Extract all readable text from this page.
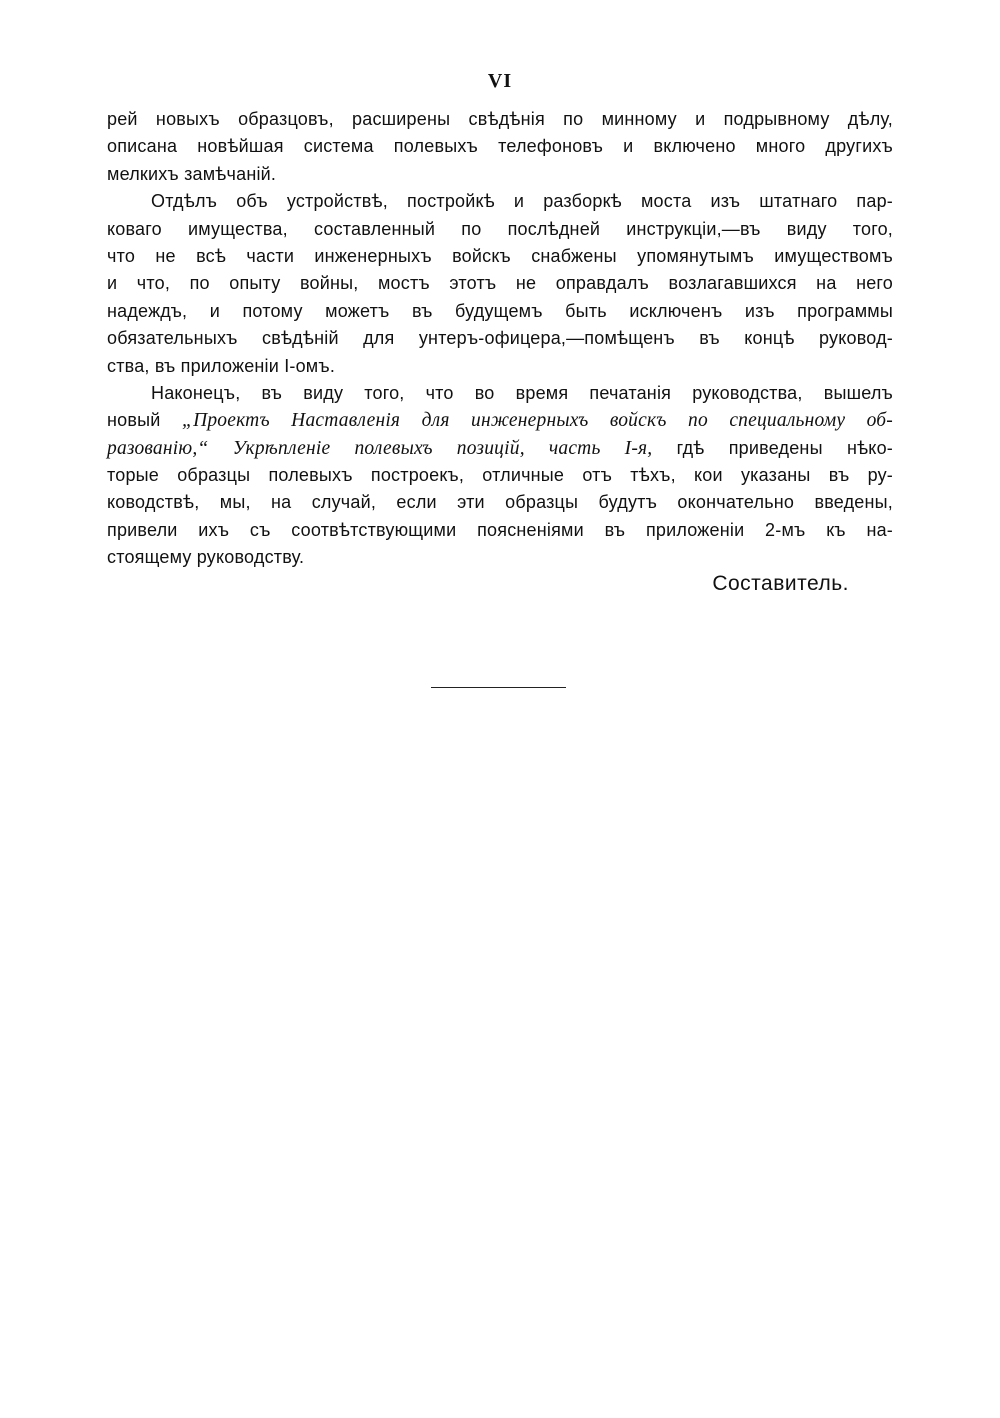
VI
рей новыхъ образцовъ, расширены свѣдѣнія по минному и подрывному дѣлу,
описана новѣйшая система полевыхъ телефоновъ и включено много другихъ
мелкихъ замѣчаній.
Отдѣлъ объ устройствѣ, постройкѣ и разборкѣ моста изъ штатнаго пар-
коваго имущества, составленный по послѣдней инструкціи,—въ виду того,
что не всѣ части инженерныхъ войскъ снабжены упомянутымъ имуществомъ
и что, по опыту войны, мостъ этотъ не оправдалъ возлагавшихся на него
надеждъ, и потому можетъ въ будущемъ быть исключенъ изъ программы
обязательныхъ свѣдѣній для унтеръ-офицера,—помѣщенъ въ концѣ руковод-
ства, въ приложеніи І-омъ.
Наконецъ, въ виду того, что во время печатанія руководства, вышелъ
новый „Проектъ Наставленія для инженерныхъ войскъ по специальному об-
разованію,“ Укрѣпленіе полевыхъ позицій, часть І-я, гдѣ приведены нѣко-
торые образцы полевыхъ построекъ, отличные отъ тѣхъ, кои указаны въ ру-
ководствѣ, мы, на случай, если эти образцы будутъ окончательно введены,
привели ихъ съ соотвѣтствующими поясненіями въ приложеніи 2-мъ къ на-
стоящему руководству.
Составитель.
